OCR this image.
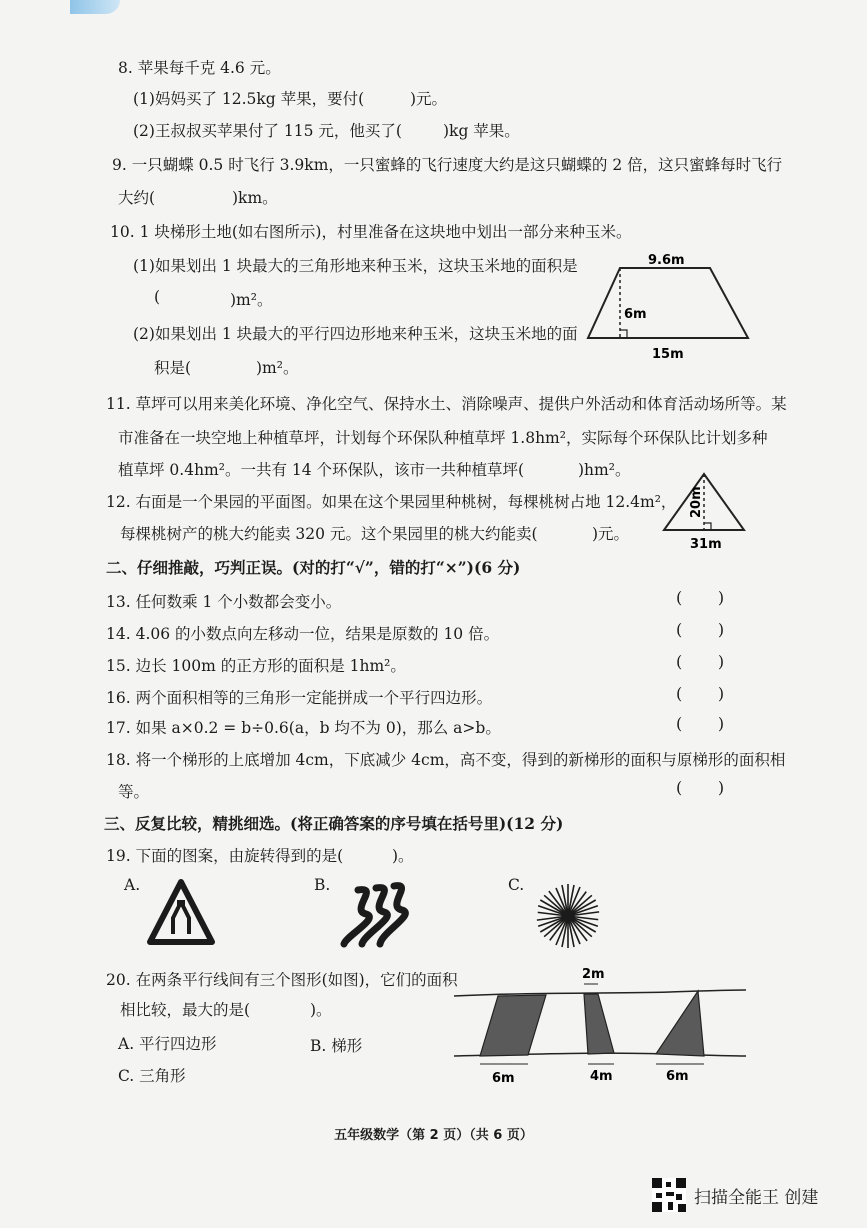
8. 苹果每千克 4.6 元。
(1)妈妈买了 12.5kg 苹果，要付(	)元。
(2)王叔叔买苹果付了 115 元，他买了(	)kg 苹果。
9. 一只蝴蝶 0.5 时飞行 3.9km，一只蜜蜂的飞行速度大约是这只蝴蝶的 2 倍，这只蜜蜂每时飞行
大约(	)km。
10. 1 块梯形土地(如右图所示)，村里准备在这块地中划出一部分来种玉米。
(1)如果划出 1 块最大的三角形地来种玉米，这块玉米地的面积是
(	)m²。
(2)如果划出 1 块最大的平行四边形地来种玉米，这块玉米地的面
积是(	)m²。
9.6m
6m
15m
11. 草坪可以用来美化环境、净化空气、保持水土、消除噪声、提供户外活动和体育活动场所等。某
市准备在一块空地上种植草坪，计划每个环保队种植草坪 1.8hm²，实际每个环保队比计划多种
植草坪 0.4hm²。一共有 14 个环保队，该市一共种植草坪(	)hm²。
12. 右面是一个果园的平面图。如果在这个果园里种桃树，每棵桃树占地 12.4m²，
每棵桃树产的桃大约能卖 320 元。这个果园里的桃大约能卖(	)元。
20m
31m
二、仔细推敲，巧判正误。(对的打“√”，错的打“×”)(6 分)
13. 任何数乘 1 个小数都会变小。	(       )
14. 4.06 的小数点向左移动一位，结果是原数的 10 倍。	(       )
15. 边长 100m 的正方形的面积是 1hm²。	(       )
16. 两个面积相等的三角形一定能拼成一个平行四边形。	(       )
17. 如果 a×0.2 = b÷0.6(a，b 均不为 0)，那么 a>b。	(       )
18. 将一个梯形的上底增加 4cm，下底减少 4cm，高不变，得到的新梯形的面积与原梯形的面积相
等。	(       )
三、反复比较，精挑细选。(将正确答案的序号填在括号里)(12 分)
19. 下面的图案，由旋转得到的是(	)。
A.	B.	C.
20. 在两条平行线间有三个图形(如图)，它们的面积
相比较，最大的是(	)。
A. 平行四边形	B. 梯形
C. 三角形
2m
6m	4m	6m
五年级数学（第 2 页）（共 6 页）
扫描全能王 创建
